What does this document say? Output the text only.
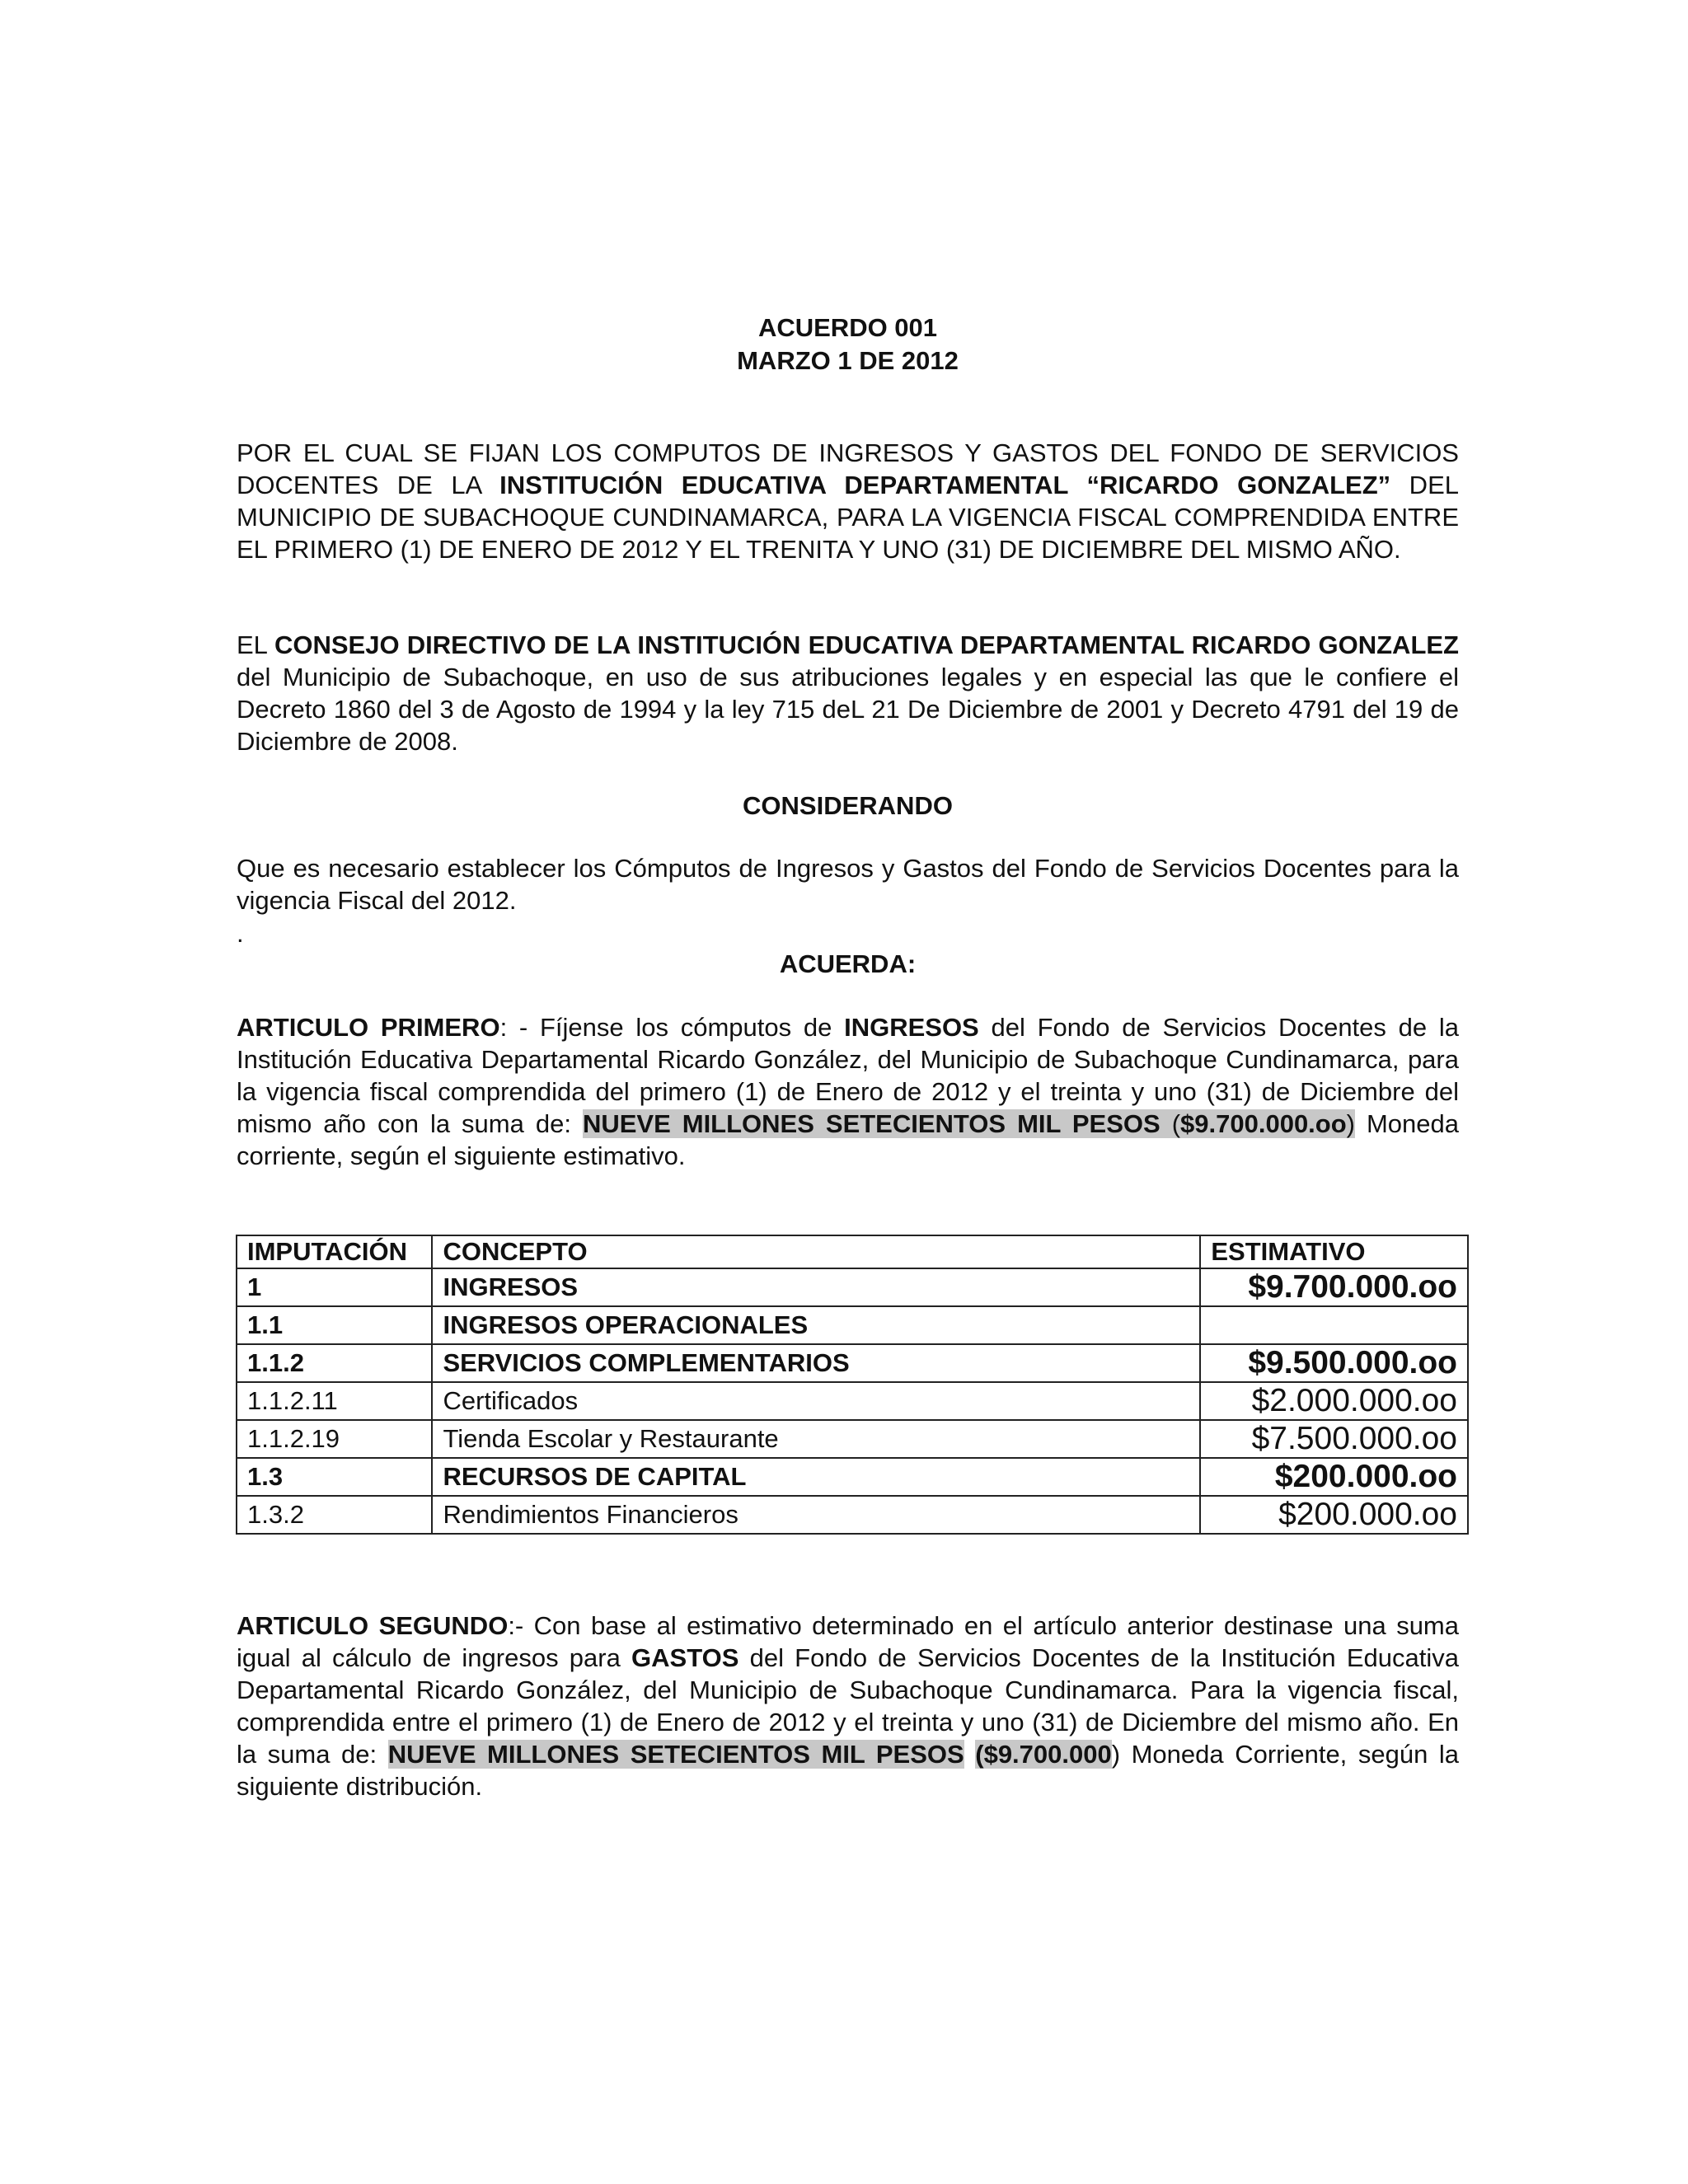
ACUERDO 001
MARZO 1 DE 2012

POR EL CUAL SE FIJAN LOS COMPUTOS DE INGRESOS Y GASTOS DEL FONDO DE SERVICIOS DOCENTES DE LA INSTITUCIÓN EDUCATIVA DEPARTAMENTAL “RICARDO GONZALEZ” DEL MUNICIPIO DE SUBACHOQUE CUNDINAMARCA, PARA LA VIGENCIA FISCAL COMPRENDIDA ENTRE EL PRIMERO (1) DE ENERO DE 2012 Y EL TRENITA Y UNO (31) DE DICIEMBRE DEL MISMO AÑO.

EL CONSEJO DIRECTIVO DE LA INSTITUCIÓN EDUCATIVA DEPARTAMENTAL RICARDO GONZALEZ del Municipio de Subachoque, en uso de sus atribuciones legales y en especial las que le confiere el Decreto 1860 del 3 de Agosto de 1994 y la ley 715 deL 21 De Diciembre de 2001 y Decreto 4791 del 19 de Diciembre de 2008.

CONSIDERANDO

Que es necesario establecer los Cómputos de Ingresos y Gastos del Fondo de Servicios Docentes para la vigencia Fiscal del 2012.

.
ACUERDA:

ARTICULO PRIMERO: - Fíjense los cómputos de INGRESOS del Fondo de Servicios Docentes de la Institución Educativa Departamental Ricardo González, del Municipio de Subachoque Cundinamarca, para la vigencia fiscal comprendida del primero (1) de Enero de 2012 y el treinta y uno (31) de Diciembre del mismo año con la suma de: NUEVE MILLONES SETECIENTOS MIL PESOS ($9.700.000.oo) Moneda corriente, según el siguiente estimativo.

IMPUTACIÓN	CONCEPTO	ESTIMATIVO
1	INGRESOS	$9.700.000.oo
1.1	INGRESOS OPERACIONALES	
1.1.2	SERVICIOS COMPLEMENTARIOS	$9.500.000.oo
1.1.2.11	Certificados	$2.000.000.oo
1.1.2.19	Tienda Escolar y Restaurante	$7.500.000.oo
1.3	RECURSOS DE CAPITAL	$200.000.oo
1.3.2	Rendimientos Financieros	$200.000.oo

ARTICULO SEGUNDO:- Con base al estimativo determinado en el artículo anterior destinase una suma igual al cálculo de ingresos para GASTOS del Fondo de Servicios Docentes de la Institución Educativa Departamental Ricardo González, del Municipio de Subachoque Cundinamarca. Para la vigencia fiscal, comprendida entre el primero (1) de Enero de 2012 y el treinta y uno (31) de Diciembre del mismo año. En la suma de: NUEVE MILLONES SETECIENTOS MIL PESOS ($9.700.000) Moneda Corriente, según la siguiente distribución.
